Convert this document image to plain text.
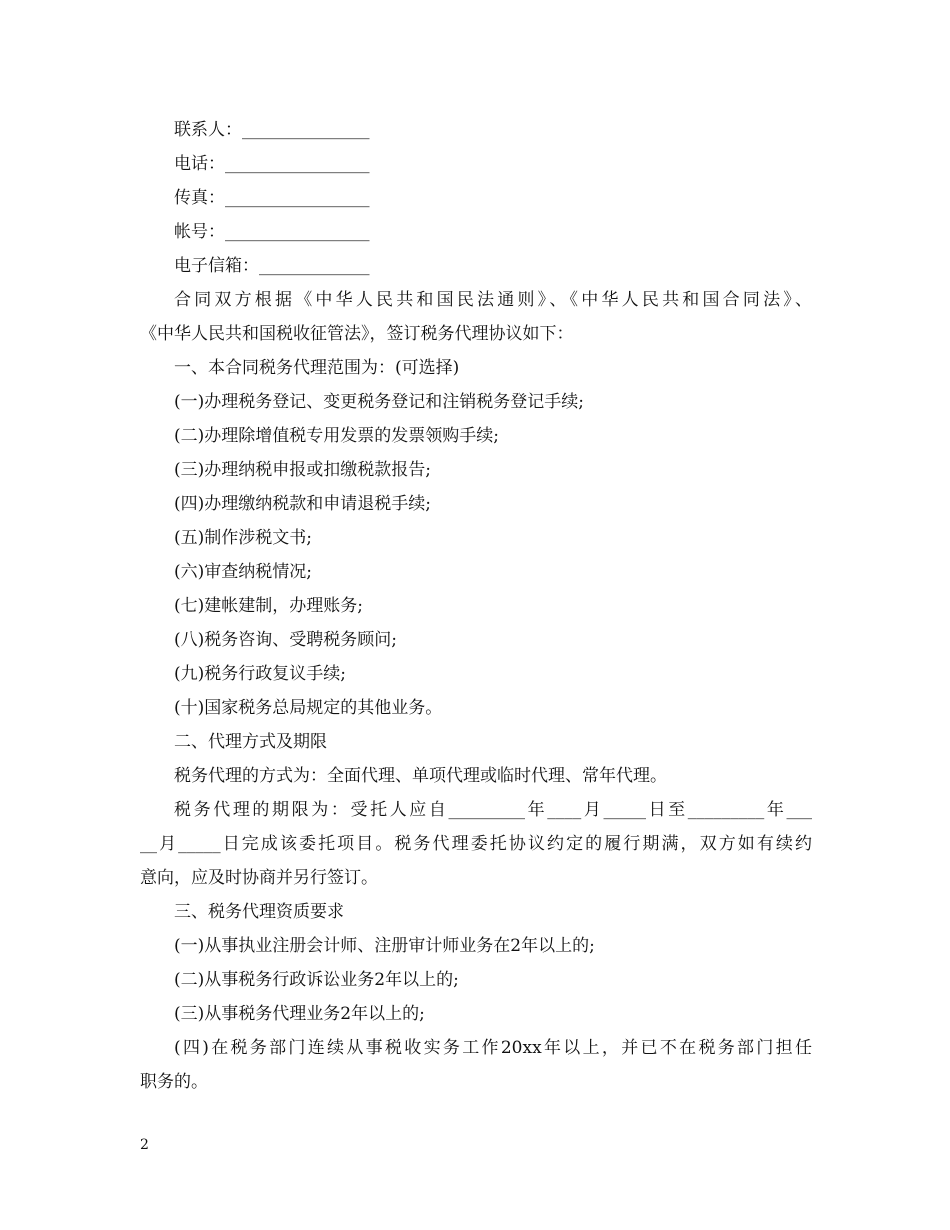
联系人：_______________

电话：_________________

传真：_________________

帐号：_________________

电子信箱：_____________

合同双方根据《中华人民共和国民法通则》、《中华人民共和国合同法》、

《中华人民共和国税收征管法》，签订税务代理协议如下：

一、本合同税务代理范围为：(可选择)

(一)办理税务登记、变更税务登记和注销税务登记手续;

(二)办理除增值税专用发票的发票领购手续;

(三)办理纳税申报或扣缴税款报告;

(四)办理缴纳税款和申请退税手续;

(五)制作涉税文书;

(六)审查纳税情况;

(七)建帐建制，办理账务;

(八)税务咨询、受聘税务顾问;

(九)税务行政复议手续;

(十)国家税务总局规定的其他业务。

二、代理方式及期限

税务代理的方式为：全面代理、单项代理或临时代理、常年代理。

税务代理的期限为：受托人应自_________年____月_____日至_________年___

__月_____日完成该委托项目。税务代理委托协议约定的履行期满，双方如有续约

意向，应及时协商并另行签订。

三、税务代理资质要求

(一)从事执业注册会计师、注册审计师业务在2年以上的;

(二)从事税务行政诉讼业务2年以上的;

(三)从事税务代理业务2年以上的;

(四)在税务部门连续从事税收实务工作20xx年以上，并已不在税务部门担任

职务的。

2
